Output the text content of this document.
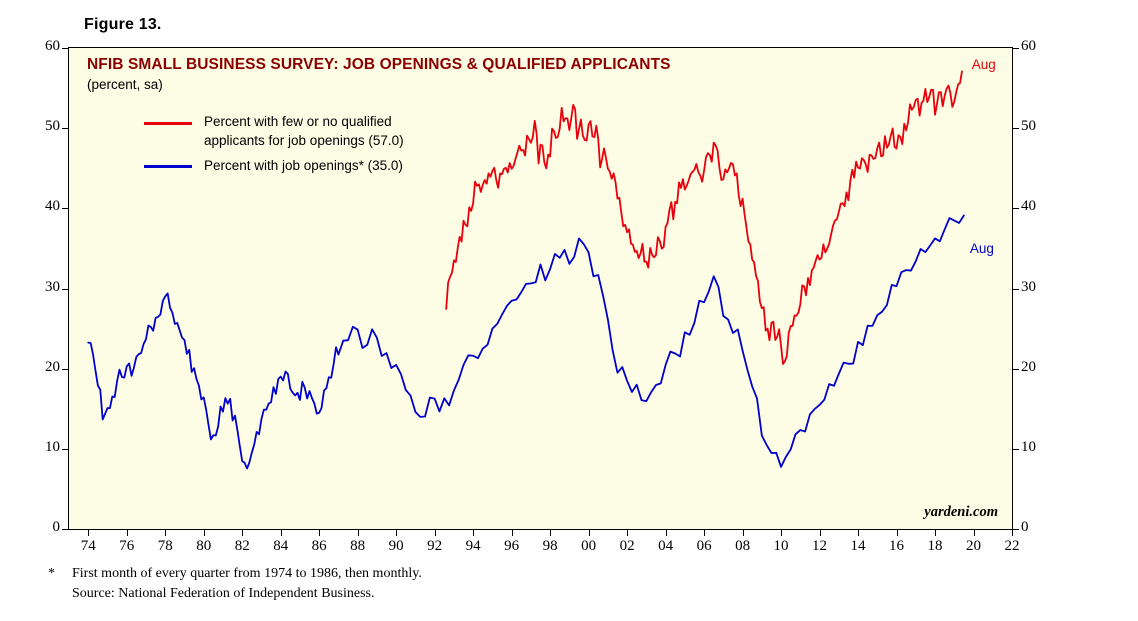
Figure 13.
NFIB SMALL BUSINESS SURVEY: JOB OPENINGS & QUALIFIED APPLICANTS
(percent, sa)
Percent with few or no qualified
applicants for job openings (57.0)
Percent with job openings* (35.0)
Aug
Aug
yardeni.com
0	0
10	10
20	20
30	30
40	40
50	50
60	60
74	76	78	80	82	84	86	88	90	92	94	96	98	00	02	04	06	08	10	12	14	16	18	20	22
* First month of every quarter from 1974 to 1986, then monthly.
Source: National Federation of Independent Business.
